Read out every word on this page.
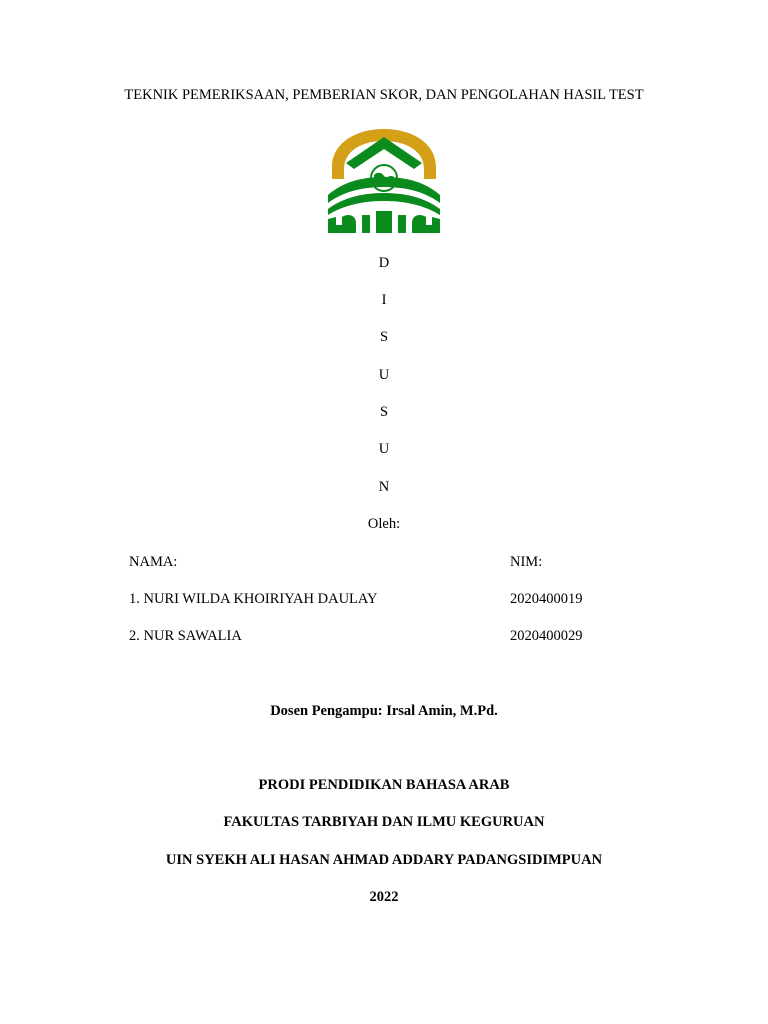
TEKNIK PEMERIKSAAN, PEMBERIAN SKOR, DAN PENGOLAHAN HASIL TEST
D
I
S
U
S
U
N
Oleh:
NAMA:	NIM:
1. NURI WILDA KHOIRIYAH DAULAY	2020400019
2. NUR SAWALIA	2020400029
Dosen Pengampu: Irsal Amin, M.Pd.
PRODI PENDIDIKAN BAHASA ARAB
FAKULTAS TARBIYAH DAN ILMU KEGURUAN
UIN SYEKH ALI HASAN AHMAD ADDARY PADANGSIDIMPUAN
2022
